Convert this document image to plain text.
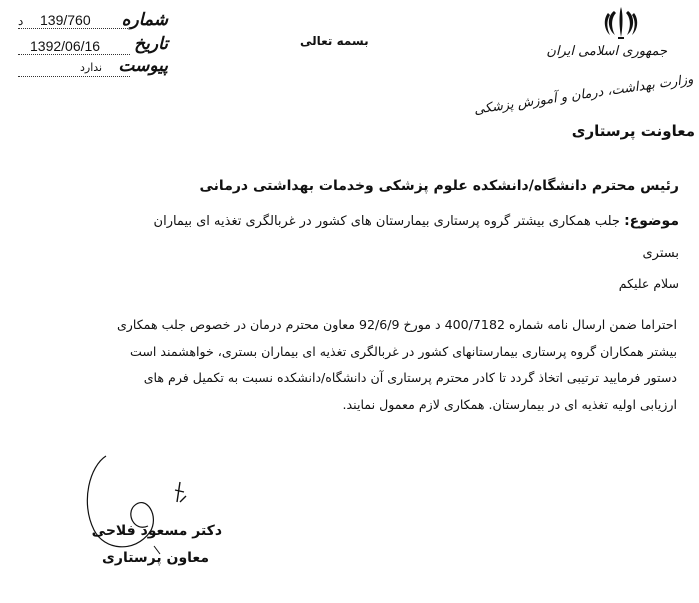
شماره
139/760
د
تاریخ
1392/06/16
پیوست
ندارد
بسمه تعالی
جمهوری اسلامی ایران
وزارت بهداشت، درمان و آموزش پزشکی
معاونت پرستاری
رئیس محترم دانشگاه/دانشکده علوم پزشکی وخدمات بهداشتی درمانی
موضوع: جلب همکاری بیشتر گروه پرستاری بیمارستان های کشور در غربالگری تغذیه ای بیماران
بستری
سلام علیکم
احتراما ضمن ارسال نامه شماره 400/7182 د مورخ 92/6/9 معاون محترم درمان در خصوص جلب همکاری
بیشتر همکاران گروه پرستاری بیمارستانهای کشور در غربالگری تغذیه ای بیماران بستری، خواهشمند است
دستور فرمایید ترتیبی اتخاذ گردد تا کادر محترم پرستاری آن دانشگاه/دانشکده نسبت به تکمیل فرم های
ارزیابی اولیه تغذیه ای در بیمارستان. همکاری لازم معمول نمایند.
دکتر مسعود فلاحی
معاون پرستاری
